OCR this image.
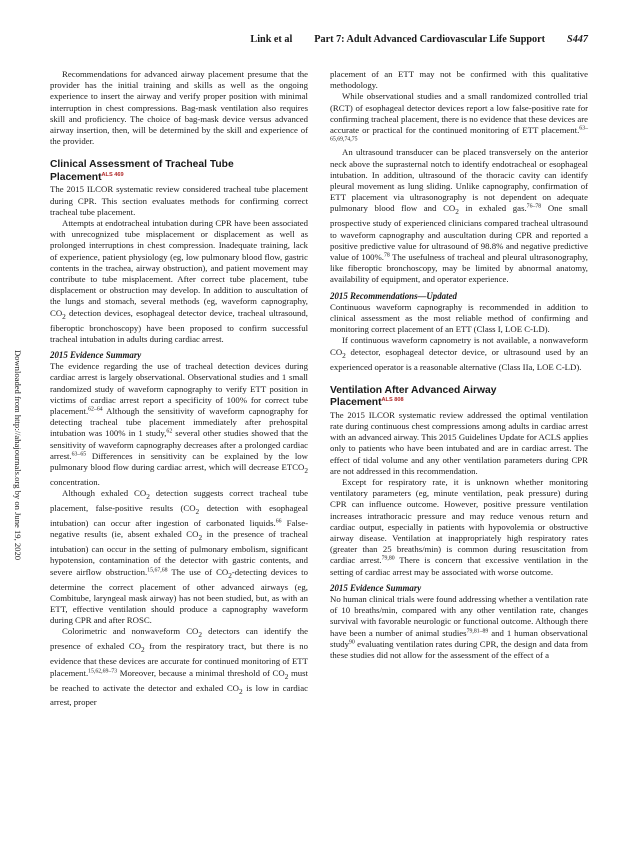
Link et al Part 7: Adult Advanced Cardiovascular Life Support S447
Downloaded from http://ahajournals.org by on June 19, 2020

Recommendations for advanced airway placement presume that the provider has the initial training and skills as well as the ongoing experience to insert the airway and verify proper position with minimal interruption in chest compressions. Bag-mask ventilation also requires skill and proficiency. The choice of bag-mask device versus advanced airway insertion, then, will be determined by the skill and experience of the provider.

Clinical Assessment of Tracheal Tube
Placement$^{ALS 469}$

The 2015 ILCOR systematic review considered tracheal tube placement during CPR. This section evaluates methods for confirming correct tracheal tube placement.

Attempts at endotracheal intubation during CPR have been associated with unrecognized tube misplacement or displacement as well as prolonged interruptions in chest compression. Inadequate training, lack of experience, patient physiology (eg, low pulmonary blood flow, gastric contents in the trachea, airway obstruction), and patient movement may contribute to tube misplacement. After correct tube placement, tube displacement or obstruction may develop. In addition to auscultation of the lungs and stomach, several methods (eg, waveform capnography, $CO_2$ detection devices, esophageal detector device, tracheal ultrasound, fiberoptic bronchoscopy) have been proposed to confirm successful tracheal intubation in adults during cardiac arrest.

2015 Evidence Summary

The evidence regarding the use of tracheal detection devices during cardiac arrest is largely observational. Observational studies and 1 small randomized study of waveform capnography to verify ETT position in victims of cardiac arrest report a specificity of 100% for correct tube placement.$^{62-64}$ Although the sensitivity of waveform capnography for detecting tracheal tube placement immediately after prehospital intubation was 100% in 1 study,$^{62}$ several other studies showed that the sensitivity of waveform capnography decreases after a prolonged cardiac arrest.$^{63-65}$ Differences in sensitivity can be explained by the low pulmonary blood flow during cardiac arrest, which will decrease $ETCO_2$ concentration.

Although exhaled $CO_2$ detection suggests correct tracheal tube placement, false-positive results ($CO_2$ detection with esophageal intubation) can occur after ingestion of carbonated liquids.$^{66}$ False-negative results (ie, absent exhaled $CO_2$ in the presence of tracheal intubation) can occur in the setting of pulmonary embolism, significant hypotension, contamination of the detector with gastric contents, and severe airflow obstruction.$^{15,67,68}$ The use of $CO_2$-detecting devices to determine the correct placement of other advanced airways (eg, Combitube, laryngeal mask airway) has not been studied, but, as with an ETT, effective ventilation should produce a capnography waveform during CPR and after ROSC.

Colorimetric and nonwaveform $CO_2$ detectors can identify the presence of exhaled $CO_2$ from the respiratory tract, but there is no evidence that these devices are accurate for continued monitoring of ETT placement.$^{15,62,69-73}$ Moreover, because a minimal threshold of $CO_2$ must be reached to activate the detector and exhaled $CO_2$ is low in cardiac arrest, proper

placement of an ETT may not be confirmed with this qualitative methodology.

While observational studies and a small randomized controlled trial (RCT) of esophageal detector devices report a low false-positive rate for confirming tracheal placement, there is no evidence that these devices are accurate or practical for the continued monitoring of ETT placement.$^{63-65,69,74,75}$

An ultrasound transducer can be placed transversely on the anterior neck above the suprasternal notch to identify endotracheal or esophageal intubation. In addition, ultrasound of the thoracic cavity can identify pleural movement as lung sliding. Unlike capnography, confirmation of ETT placement via ultrasonography is not dependent on adequate pulmonary blood flow and $CO_2$ in exhaled gas.$^{76-78}$ One small prospective study of experienced clinicians compared tracheal ultrasound to waveform capnography and auscultation during CPR and reported a positive predictive value for ultrasound of 98.8% and negative predictive value of 100%.$^{78}$ The usefulness of tracheal and pleural ultrasonography, like fiberoptic bronchoscopy, may be limited by abnormal anatomy, availability of equipment, and operator experience.

2015 Recommendations—Updated

Continuous waveform capnography is recommended in addition to clinical assessment as the most reliable method of confirming and monitoring correct placement of an ETT (Class I, LOE C-LD).

If continuous waveform capnometry is not available, a nonwaveform $CO_2$ detector, esophageal detector device, or ultrasound used by an experienced operator is a reasonable alternative (Class IIa, LOE C-LD).

Ventilation After Advanced Airway
Placement$^{ALS 808}$

The 2015 ILCOR systematic review addressed the optimal ventilation rate during continuous chest compressions among adults in cardiac arrest with an advanced airway. This 2015 Guidelines Update for ACLS applies only to patients who have been intubated and are in cardiac arrest. The effect of tidal volume and any other ventilation parameters during CPR are not addressed in this recommendation.

Except for respiratory rate, it is unknown whether monitoring ventilatory parameters (eg, minute ventilation, peak pressure) during CPR can influence outcome. However, positive pressure ventilation increases intrathoracic pressure and may reduce venous return and cardiac output, especially in patients with hypovolemia or obstructive airway disease. Ventilation at inappropriately high respiratory rates (greater than 25 breaths/min) is common during resuscitation from cardiac arrest.$^{79,80}$ There is concern that excessive ventilation in the setting of cardiac arrest may be associated with worse outcome.

2015 Evidence Summary

No human clinical trials were found addressing whether a ventilation rate of 10 breaths/min, compared with any other ventilation rate, changes survival with favorable neurologic or functional outcome. Although there have been a number of animal studies$^{79,81-89}$ and 1 human observational study$^{90}$ evaluating ventilation rates during CPR, the design and data from these studies did not allow for the assessment of the effect of a
